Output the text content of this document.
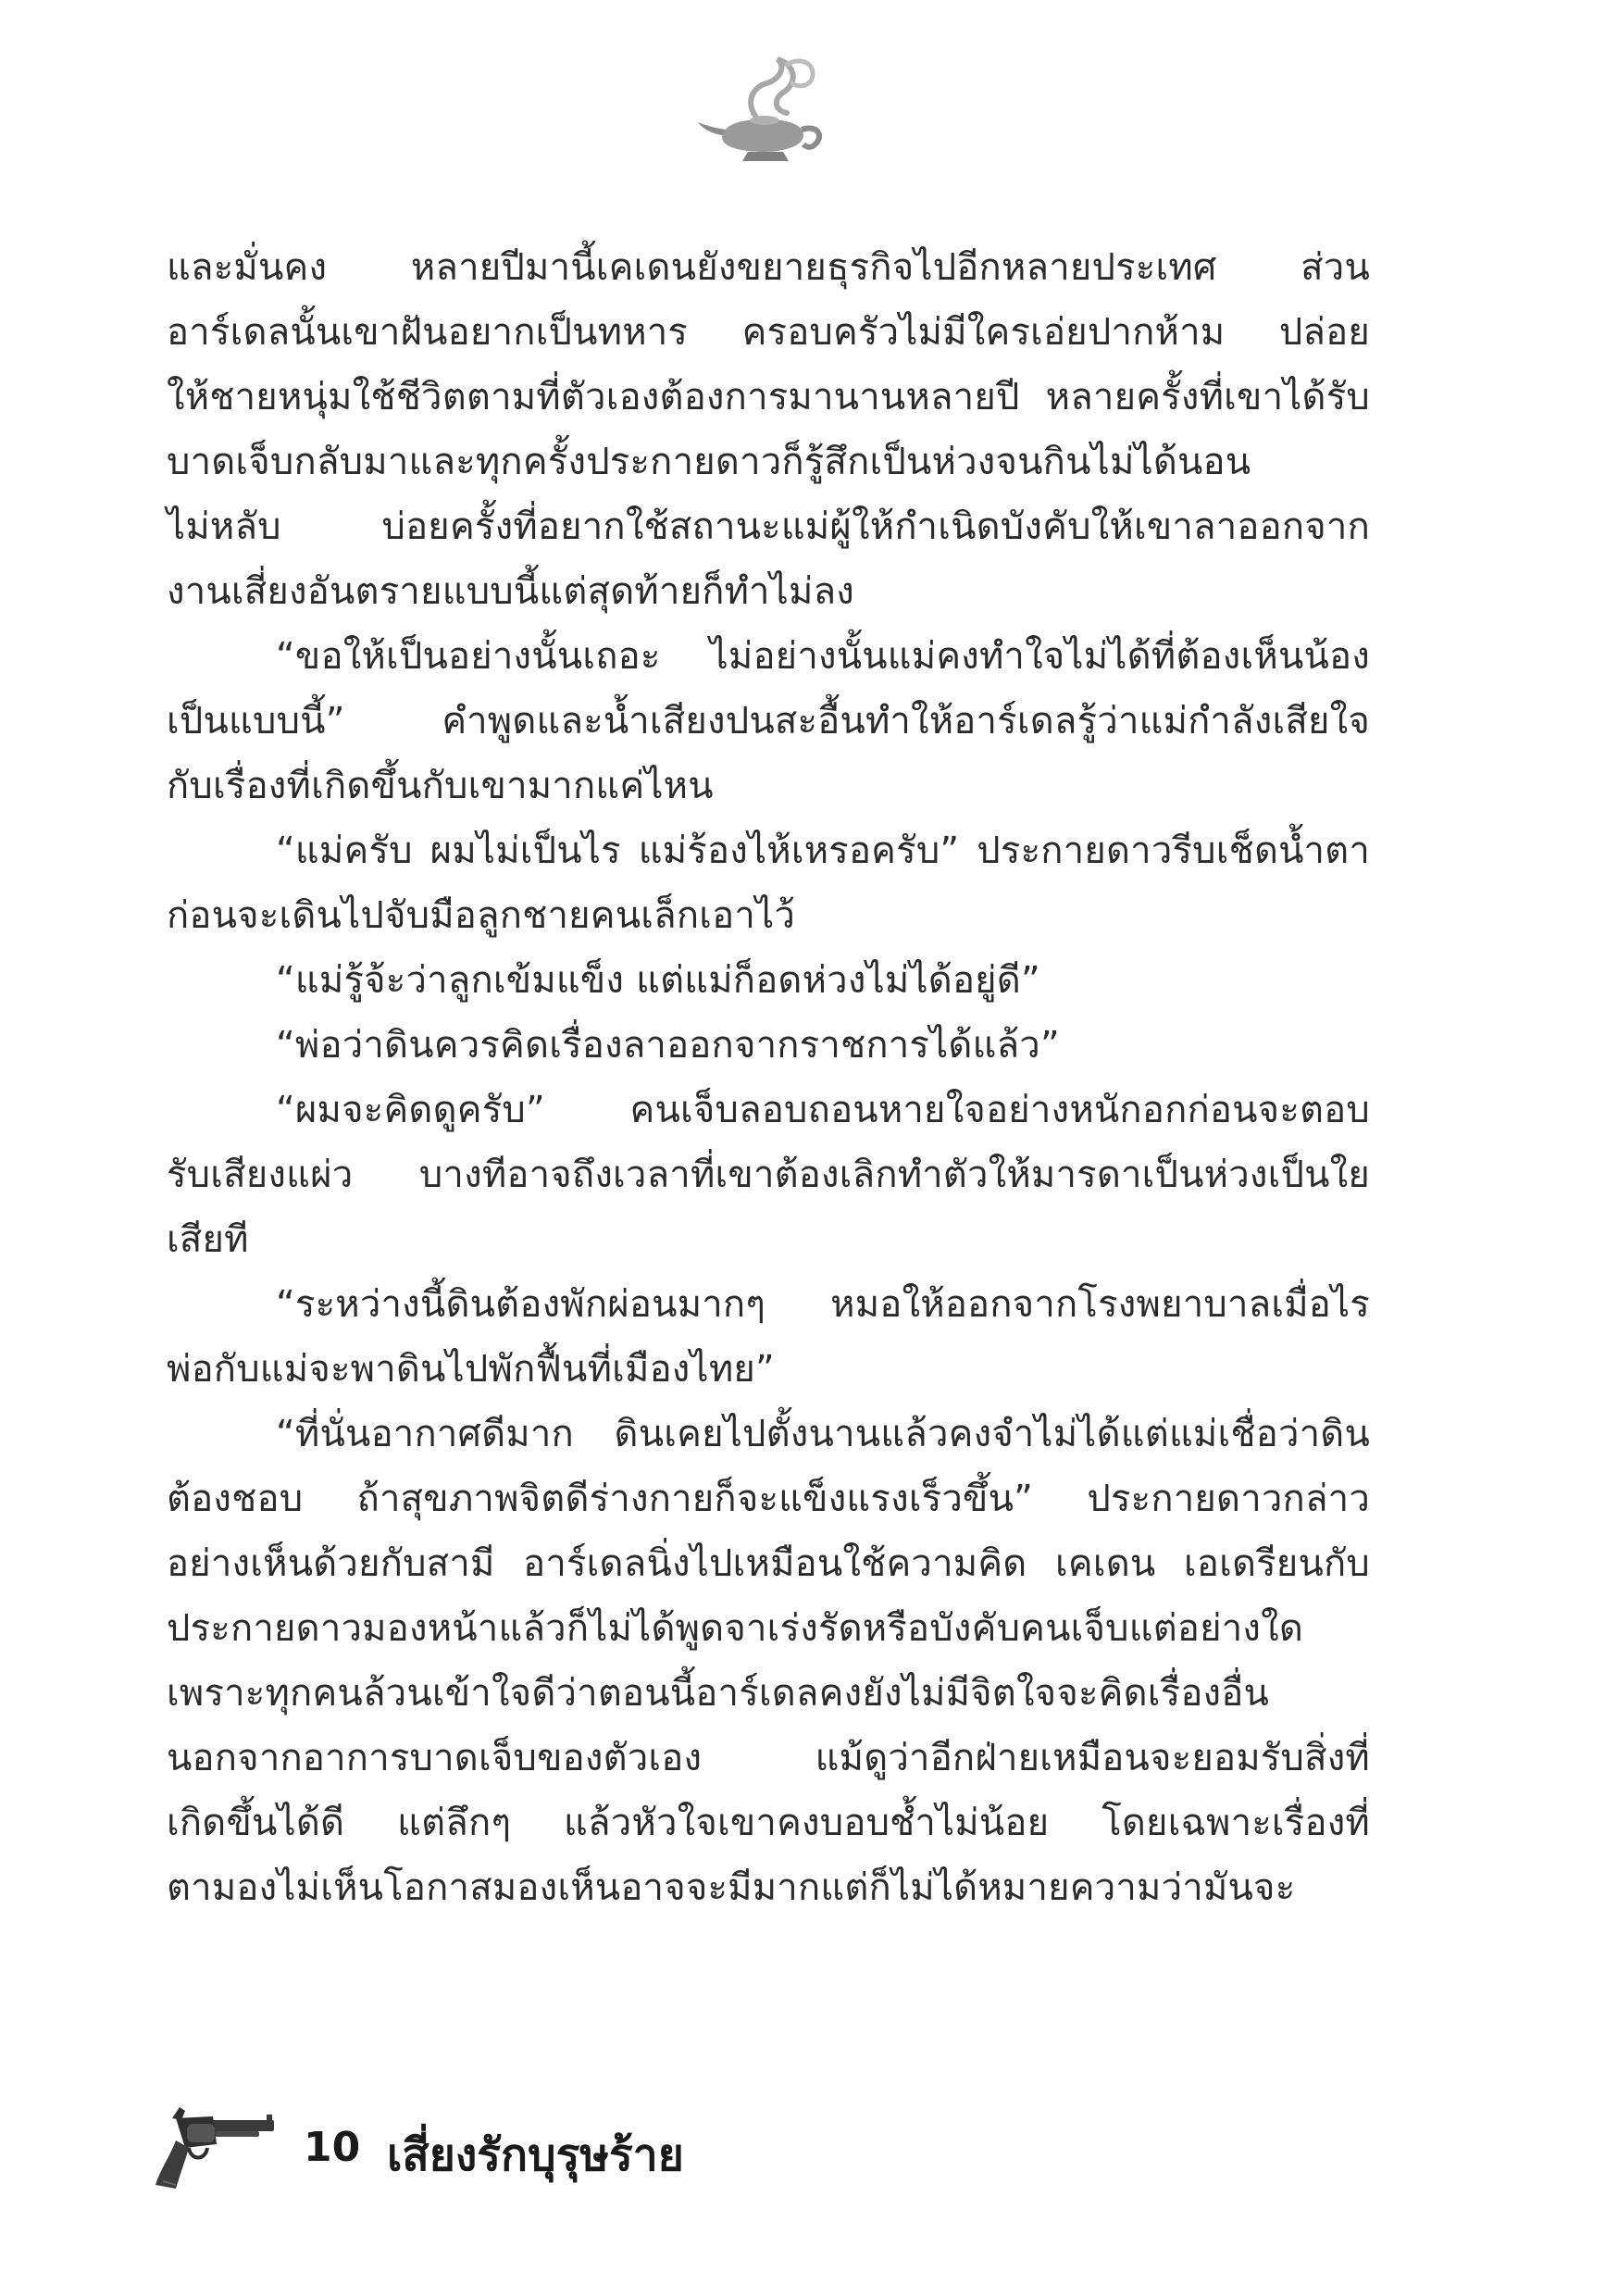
และมั่นคง หลายปีมานี้เคเดนยังขยายธุรกิจไปอีกหลายประเทศ ส่วน
อาร์เดลนั้นเขาฝันอยากเป็นทหาร ครอบครัวไม่มีใครเอ่ยปากห้าม ปล่อย
ให้ชายหนุ่มใช้ชีวิตตามที่ตัวเองต้องการมานานหลายปี หลายครั้งที่เขาได้รับ
บาดเจ็บกลับมาและทุกครั้งประกายดาวก็รู้สึกเป็นห่วงจนกินไม่ได้นอน
ไม่หลับ บ่อยครั้งที่อยากใช้สถานะแม่ผู้ให้กำเนิดบังคับให้เขาลาออกจาก
งานเสี่ยงอันตรายแบบนี้แต่สุดท้ายก็ทำไม่ลง
“ขอให้เป็นอย่างนั้นเถอะ ไม่อย่างนั้นแม่คงทำใจไม่ได้ที่ต้องเห็นน้อง
เป็นแบบนี้” คำพูดและน้ำเสียงปนสะอื้นทำให้อาร์เดลรู้ว่าแม่กำลังเสียใจ
กับเรื่องที่เกิดขึ้นกับเขามากแค่ไหน
“แม่ครับ ผมไม่เป็นไร แม่ร้องไห้เหรอครับ” ประกายดาวรีบเช็ดน้ำตา
ก่อนจะเดินไปจับมือลูกชายคนเล็กเอาไว้
“แม่รู้จ้ะว่าลูกเข้มแข็ง แต่แม่ก็อดห่วงไม่ได้อยู่ดี”
“พ่อว่าดินควรคิดเรื่องลาออกจากราชการได้แล้ว”
“ผมจะคิดดูครับ” คนเจ็บลอบถอนหายใจอย่างหนักอกก่อนจะตอบ
รับเสียงแผ่ว บางทีอาจถึงเวลาที่เขาต้องเลิกทำตัวให้มารดาเป็นห่วงเป็นใย
เสียที
“ระหว่างนี้ดินต้องพักผ่อนมากๆ หมอให้ออกจากโรงพยาบาลเมื่อไร
พ่อกับแม่จะพาดินไปพักฟื้นที่เมืองไทย”
“ที่นั่นอากาศดีมาก ดินเคยไปตั้งนานแล้วคงจำไม่ได้แต่แม่เชื่อว่าดิน
ต้องชอบ ถ้าสุขภาพจิตดีร่างกายก็จะแข็งแรงเร็วขึ้น” ประกายดาวกล่าว
อย่างเห็นด้วยกับสามี อาร์เดลนิ่งไปเหมือนใช้ความคิด เคเดน เอเดรียนกับ
ประกายดาวมองหน้าแล้วก็ไม่ได้พูดจาเร่งรัดหรือบังคับคนเจ็บแต่อย่างใด
เพราะทุกคนล้วนเข้าใจดีว่าตอนนี้อาร์เดลคงยังไม่มีจิตใจจะคิดเรื่องอื่น
นอกจากอาการบาดเจ็บของตัวเอง แม้ดูว่าอีกฝ่ายเหมือนจะยอมรับสิ่งที่
เกิดขึ้นได้ดี แต่ลึกๆ แล้วหัวใจเขาคงบอบช้ำไม่น้อย โดยเฉพาะเรื่องที่
ตามองไม่เห็นโอกาสมองเห็นอาจจะมีมากแต่ก็ไม่ได้หมายความว่ามันจะ
10 เสี่ยงรักบุรุษร้าย
